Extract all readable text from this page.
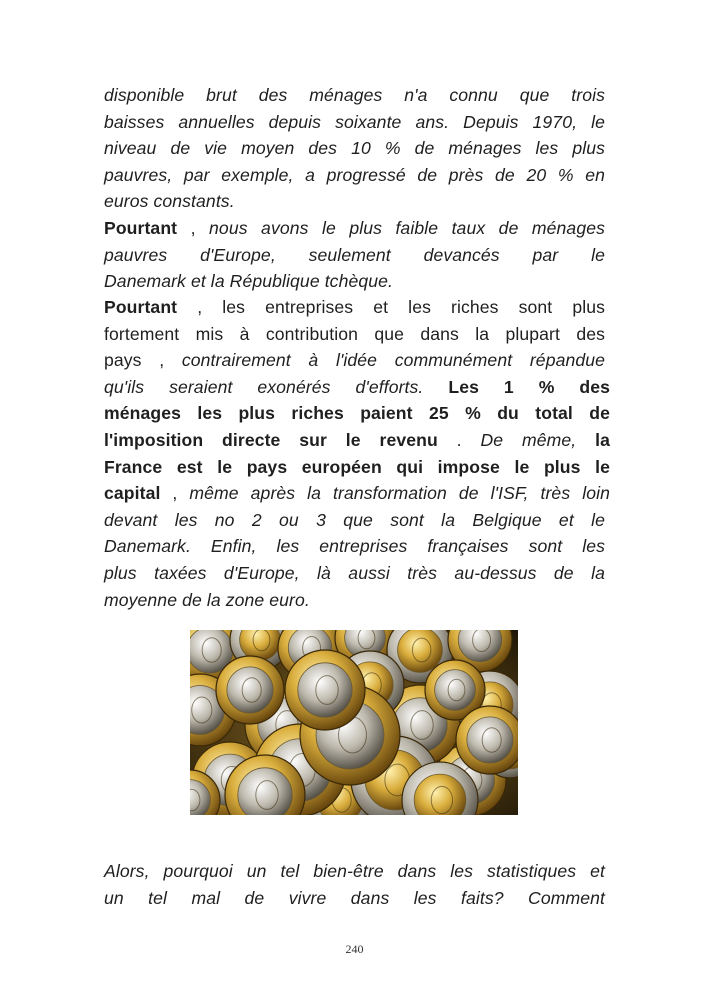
disponible brut des ménages n'a connu que trois
baisses annuelles depuis soixante ans. Depuis 1970, le
niveau de vie moyen des 10 % de ménages les plus
pauvres, par exemple, a progressé de près de 20 % en
euros constants.
Pourtant , nous avons le plus faible taux de ménages
pauvres d'Europe, seulement devancés par le
Danemark et la République tchèque.
Pourtant , les entreprises et les riches sont plus
fortement mis à contribution que dans la plupart des
pays , contrairement à l'idée communément répandue
qu'ils seraient exonérés d'efforts. Les 1 % des
ménages les plus riches paient 25 % du total de
l'imposition directe sur le revenu . De même, la
France est le pays européen qui impose le plus le
capital , même après la transformation de l'ISF, très loin
devant les no 2 ou 3 que sont la Belgique et le
Danemark. Enfin, les entreprises françaises sont les
plus taxées d'Europe, là aussi très au-dessus de la
moyenne de la zone euro.
Alors, pourquoi un tel bien-être dans les statistiques et
un tel mal de vivre dans les faits? Comment
240
